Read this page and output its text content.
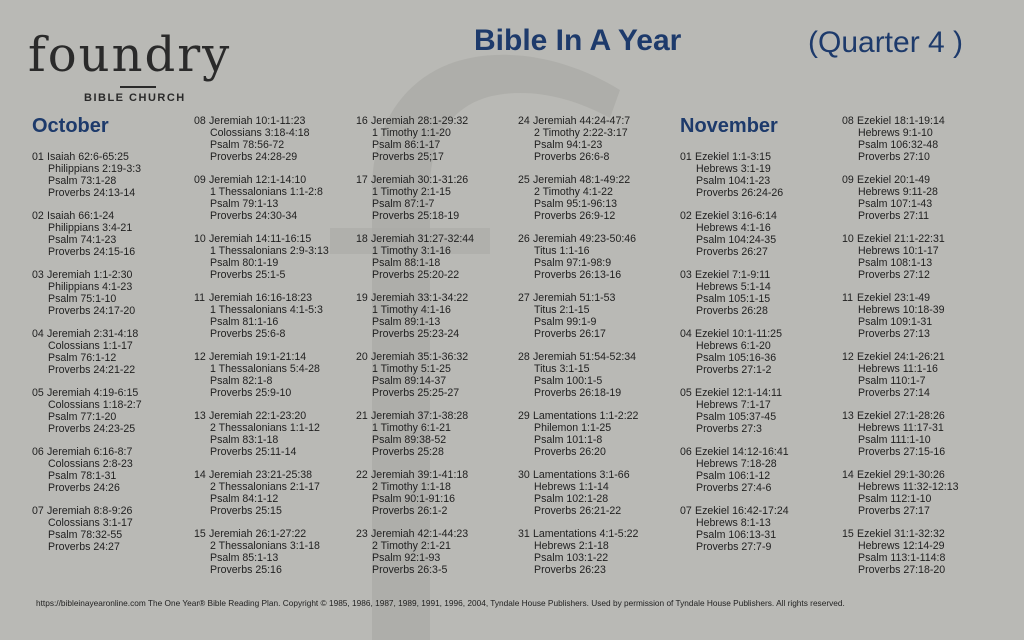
foundry
BIBLE CHURCH
Bible In A Year	(Quarter 4 )
October	November
01 Isaiah 62:6-65:25
Philippians 2:19-3:3
Psalm 73:1-28
Proverbs 24:13-14
02 Isaiah 66:1-24
Philippians 3:4-21
Psalm 74:1-23
Proverbs 24:15-16
03 Jeremiah 1:1-2:30
Philippians 4:1-23
Psalm 75:1-10
Proverbs 24:17-20
04 Jeremiah 2:31-4:18
Colossians 1:1-17
Psalm 76:1-12
Proverbs 24:21-22
05 Jeremiah 4:19-6:15
Colossians 1:18-2:7
Psalm 77:1-20
Proverbs 24:23-25
06 Jeremiah 6:16-8:7
Colossians 2:8-23
Psalm 78:1-31
Proverbs 24:26
07 Jeremiah 8:8-9:26
Colossians 3:1-17
Psalm 78:32-55
Proverbs 24:27
08 Jeremiah 10:1-11:23
Colossians 3:18-4:18
Psalm 78:56-72
Proverbs 24:28-29
09 Jeremiah 12:1-14:10
1 Thessalonians 1:1-2:8
Psalm 79:1-13
Proverbs 24:30-34
10 Jeremiah 14:11-16:15
1 Thessalonians 2:9-3:13
Psalm 80:1-19
Proverbs 25:1-5
11 Jeremiah 16:16-18:23
1 Thessalonians 4:1-5:3
Psalm 81:1-16
Proverbs 25:6-8
12 Jeremiah 19:1-21:14
1 Thessalonians 5:4-28
Psalm 82:1-8
Proverbs 25:9-10
13 Jeremiah 22:1-23:20
2 Thessalonians 1:1-12
Psalm 83:1-18
Proverbs 25:11-14
14 Jeremiah 23:21-25:38
2 Thessalonians 2:1-17
Psalm 84:1-12
Proverbs 25:15
15 Jeremiah 26:1-27:22
2 Thessalonians 3:1-18
Psalm 85:1-13
Proverbs 25:16
16 Jeremiah 28:1-29:32
1 Timothy 1:1-20
Psalm 86:1-17
Proverbs 25;17
17 Jeremiah 30:1-31:26
1 Timothy 2:1-15
Psalm 87:1-7
Proverbs 25:18-19
18 Jeremiah 31:27-32:44
1 Timothy 3:1-16
Psalm 88:1-18
Proverbs 25:20-22
19 Jeremiah 33:1-34:22
1 Timothy 4:1-16
Psalm 89:1-13
Proverbs 25:23-24
20 Jeremiah 35:1-36:32
1 Timothy 5:1-25
Psalm 89:14-37
Proverbs 25:25-27
21 Jeremiah 37:1-38:28
1 Timothy 6:1-21
Psalm 89:38-52
Proverbs 25:28
22 Jeremiah 39:1-41:18
2 Timothy 1:1-18
Psalm 90:1-91:16
Proverbs 26:1-2
23 Jeremiah 42:1-44:23
2 Timothy 2:1-21
Psalm 92:1-93
Proverbs 26:3-5
24 Jeremiah 44:24-47:7
2 Timothy 2:22-3:17
Psalm 94:1-23
Proverbs 26:6-8
25 Jeremiah 48:1-49:22
2 Timothy 4:1-22
Psalm 95:1-96:13
Proverbs 26:9-12
26 Jeremiah 49:23-50:46
Titus 1:1-16
Psalm 97:1-98:9
Proverbs 26:13-16
27 Jeremiah 51:1-53
Titus 2:1-15
Psalm 99:1-9
Proverbs 26:17
28 Jeremiah 51:54-52:34
Titus 3:1-15
Psalm 100:1-5
Proverbs 26:18-19
29 Lamentations 1:1-2:22
Philemon 1:1-25
Psalm 101:1-8
Proverbs 26:20
30 Lamentations 3:1-66
Hebrews 1:1-14
Psalm 102:1-28
Proverbs 26:21-22
31 Lamentations 4:1-5:22
Hebrews 2:1-18
Psalm 103:1-22
Proverbs 26:23
01 Ezekiel 1:1-3:15
Hebrews 3:1-19
Psalm 104:1-23
Proverbs 26:24-26
02 Ezekiel 3:16-6:14
Hebrews 4:1-16
Psalm 104:24-35
Proverbs 26:27
03 Ezekiel 7:1-9:11
Hebrews 5:1-14
Psalm 105:1-15
Proverbs 26:28
04 Ezekiel 10:1-11:25
Hebrews 6:1-20
Psalm 105:16-36
Proverbs 27:1-2
05 Ezekiel 12:1-14:11
Hebrews 7:1-17
Psalm 105:37-45
Proverbs 27:3
06 Ezekiel 14:12-16:41
Hebrews 7:18-28
Psalm 106:1-12
Proverbs 27:4-6
07 Ezekiel 16:42-17:24
Hebrews 8:1-13
Psalm 106:13-31
Proverbs 27:7-9
08 Ezekiel 18:1-19:14
Hebrews 9:1-10
Psalm 106:32-48
Proverbs 27:10
09 Ezekiel 20:1-49
Hebrews 9:11-28
Psalm 107:1-43
Proverbs 27:11
10 Ezekiel 21:1-22:31
Hebrews 10:1-17
Psalm 108:1-13
Proverbs 27:12
11 Ezekiel 23:1-49
Hebrews 10:18-39
Psalm 109:1-31
Proverbs 27:13
12 Ezekiel 24:1-26:21
Hebrews 11:1-16
Psalm 110:1-7
Proverbs 27:14
13 Ezekiel 27:1-28:26
Hebrews 11:17-31
Psalm 111:1-10
Proverbs 27:15-16
14 Ezekiel 29:1-30:26
Hebrews 11:32-12:13
Psalm 112:1-10
Proverbs 27:17
15 Ezekiel 31:1-32:32
Hebrews 12:14-29
Psalm 113:1-114:8
Proverbs 27:18-20
https://bibleinayearonline.com The One Year® Bible Reading Plan. Copyright © 1985, 1986, 1987, 1989, 1991, 1996, 2004, Tyndale House Publishers. Used by permission of Tyndale House Publishers. All rights reserved.
